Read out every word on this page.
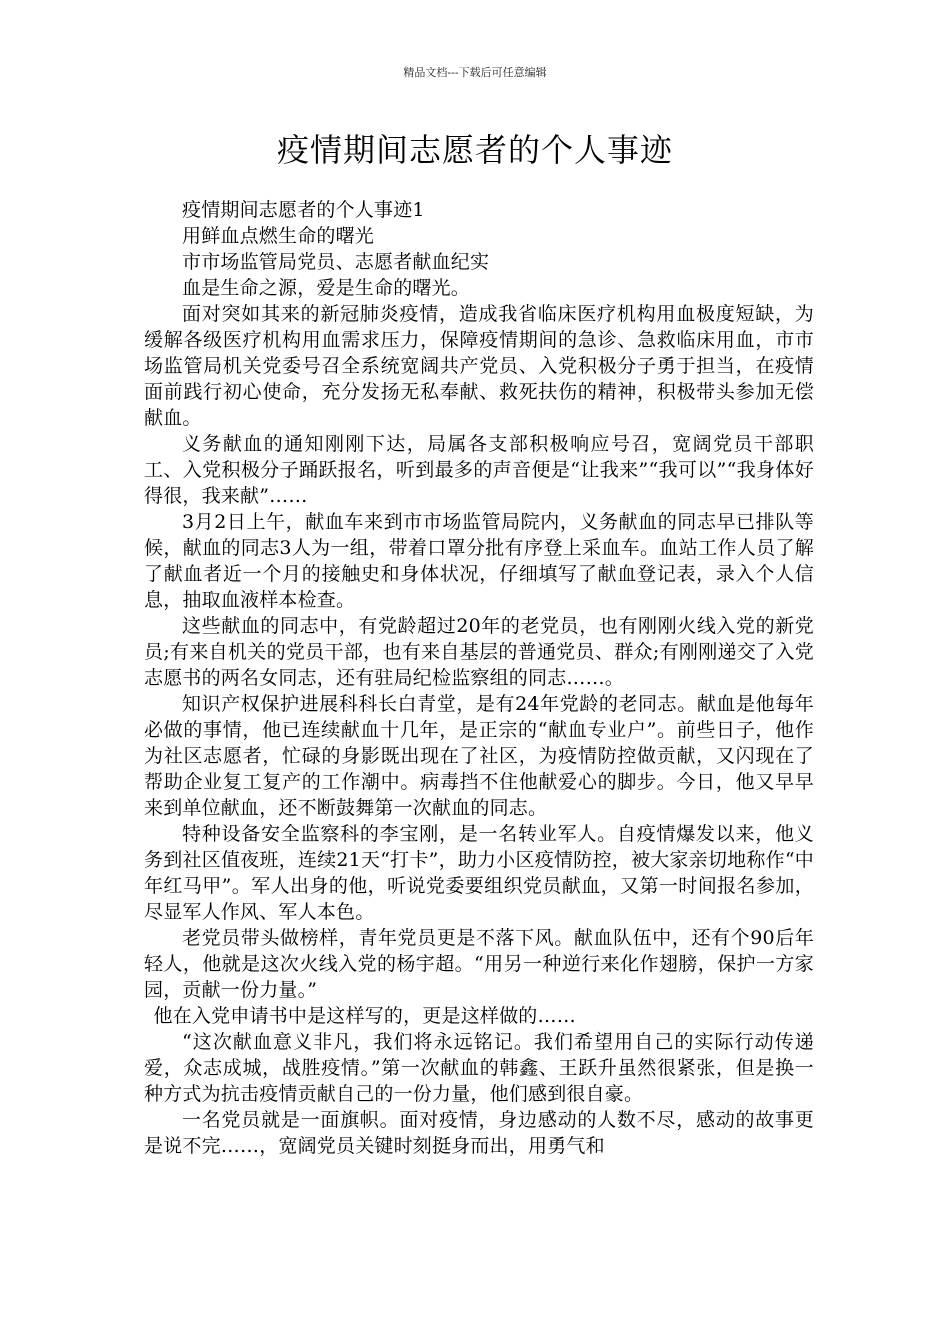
精品文档---下载后可任意编辑
疫情期间志愿者的个人事迹

疫情期间志愿者的个人事迹1

用鲜血点燃生命的曙光

市市场监管局党员、志愿者献血纪实

血是生命之源，爱是生命的曙光。

面对突如其来的新冠肺炎疫情，造成我省临床医疗机构用血极度短缺，为缓解各级医疗机构用血需求压力，保障疫情期间的急诊、急救临床用血，市市场监管局机关党委号召全系统宽阔共产党员、入党积极分子勇于担当，在疫情面前践行初心使命，充分发扬无私奉献、救死扶伤的精神，积极带头参加无偿献血。

义务献血的通知刚刚下达，局属各支部积极响应号召，宽阔党员干部职工、入党积极分子踊跃报名，听到最多的声音便是“让我来”“我可以”“我身体好得很，我来献”……

3月2日上午，献血车来到市市场监管局院内，义务献血的同志早已排队等候，献血的同志3人为一组，带着口罩分批有序登上采血车。血站工作人员了解了献血者近一个月的接触史和身体状况，仔细填写了献血登记表，录入个人信息，抽取血液样本检查。

这些献血的同志中，有党龄超过20年的老党员，也有刚刚火线入党的新党员;有来自机关的党员干部，也有来自基层的普通党员、群众;有刚刚递交了入党志愿书的两名女同志，还有驻局纪检监察组的同志……。

知识产权保护进展科科长白青堂，是有24年党龄的老同志。献血是他每年必做的事情，他已连续献血十几年，是正宗的“献血专业户”。前些日子，他作为社区志愿者，忙碌的身影既出现在了社区，为疫情防控做贡献，又闪现在了帮助企业复工复产的工作潮中。病毒挡不住他献爱心的脚步。今日，他又早早来到单位献血，还不断鼓舞第一次献血的同志。

特种设备安全监察科的李宝刚，是一名转业军人。自疫情爆发以来，他义务到社区值夜班，连续21天“打卡”，助力小区疫情防控，被大家亲切地称作“中年红马甲”。军人出身的他，听说党委要组织党员献血，又第一时间报名参加，尽显军人作风、军人本色。

老党员带头做榜样，青年党员更是不落下风。献血队伍中，还有个90后年轻人，他就是这次火线入党的杨宇超。“用另一种逆行来化作翅膀，保护一方家园，贡献一份力量。”

他在入党申请书中是这样写的，更是这样做的……

“这次献血意义非凡，我们将永远铭记。我们希望用自己的实际行动传递爱，众志成城，战胜疫情。”第一次献血的韩鑫、王跃升虽然很紧张，但是换一种方式为抗击疫情贡献自己的一份力量，他们感到很自豪。

一名党员就是一面旗帜。面对疫情，身边感动的人数不尽，感动的故事更是说不完……，宽阔党员关键时刻挺身而出，用勇气和
